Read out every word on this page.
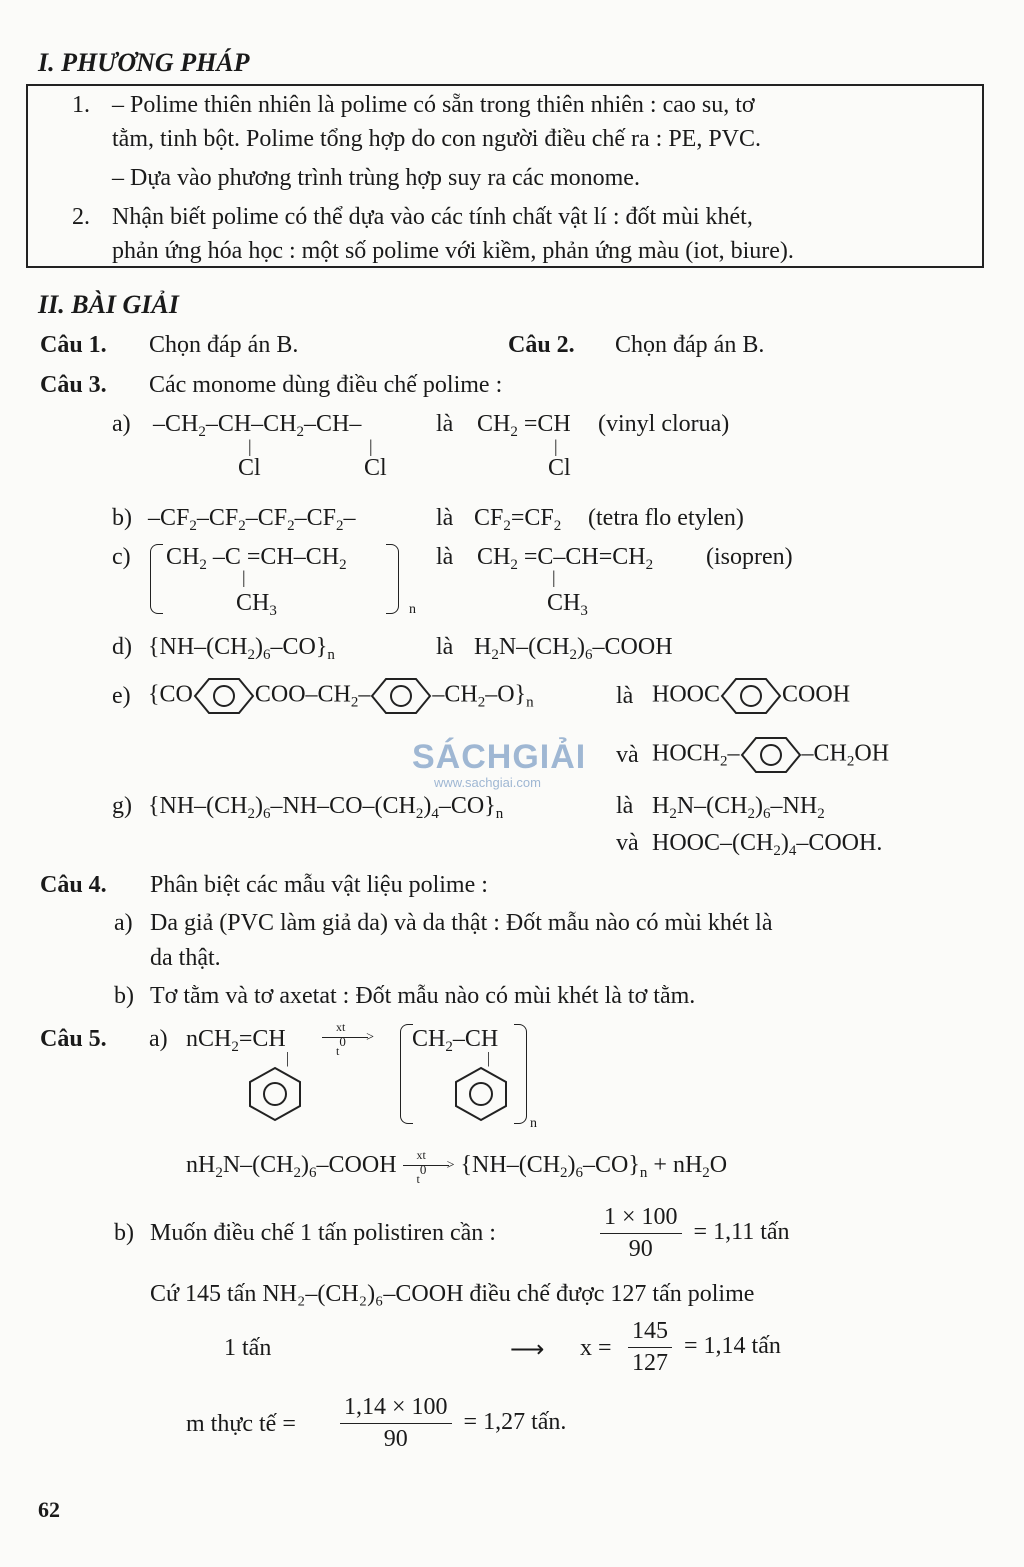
I. PHƯƠNG PHÁP
1. – Polime thiên nhiên là polime có sẵn trong thiên nhiên : cao su, tơ
tằm, tinh bột. Polime tổng hợp do con người điều chế ra : PE, PVC.
– Dựa vào phương trình trùng hợp suy ra các monome.
2. Nhận biết polime có thể dựa vào các tính chất vật lí : đốt mùi khét,
phản ứng hóa học : một số polime với kiềm, phản ứng màu (iot, biure).
II. BÀI GIẢI
Câu 1. Chọn đáp án B.	Câu 2. Chọn đáp án B.
Câu 3. Các monome dùng điều chế polime :
a) $-CH_2-CH-CH_2-CH-$
|	|
Cl	Cl
là $CH_2 =CH$
|
Cl
(vinyl clorua)
b) $-CF_2-CF_2-CF_2-CF_2-$	là $CF_2=CF_2$ (tetra flo etylen)
c) $CH_2$ $-C =CH-CH_2$
|
$CH_3$	n
là $CH_2 =C-CH=CH_2$
|
$CH_3$
(isopren)
d) $\{NH-(CH_2)_6-CO\}_n$	là $H_2N-(CH_2)_6$–COOH
e) {CO	COO–$CH_2-$	$-CH_2-O\}_n$	là HOOC	COOH
và $HOCH_2-$	$-CH_2OH$
SÁCHGIẢI
www.sachgiai.com
g) $\{NH-(CH_2)_6-NH-CO-(CH_2)_4-CO\}_n$	là $H_2N-(CH_2)_6-NH_2$
và HOOC–$(CH_2)_4$–COOH.
Câu 4. Phân biệt các mẫu vật liệu polime :
a) Da giả (PVC làm giả da) và da thật : Đốt mẫu nào có mùi khét là
da thật.
b) Tơ tằm và tơ axetat : Đốt mẫu nào có mùi khét là tơ tằm.
Câu 5. a) nCH$_2$=CH
|
xt
>
$t^0$	$CH_2-CH$
|
n
$nH_2N-(CH_2)_6$–COOH xt
>
$t^0$ $\{NH-(CH_2)_6-CO\}_n + nH_2O$
b) Muốn điều chế 1 tấn polistiren cần :	$\frac{1 \times 100}{90} = 1,11$ tấn
Cứ 145 tấn NH₂–(CH₂)₆–COOH điều chế được 127 tấn polime
1 tấn	⟶ $x = \frac{145}{127} = 1,14$ tấn
m thực tế = $\frac{1,14 \times 100}{90} = 1,27$ tấn.
62
